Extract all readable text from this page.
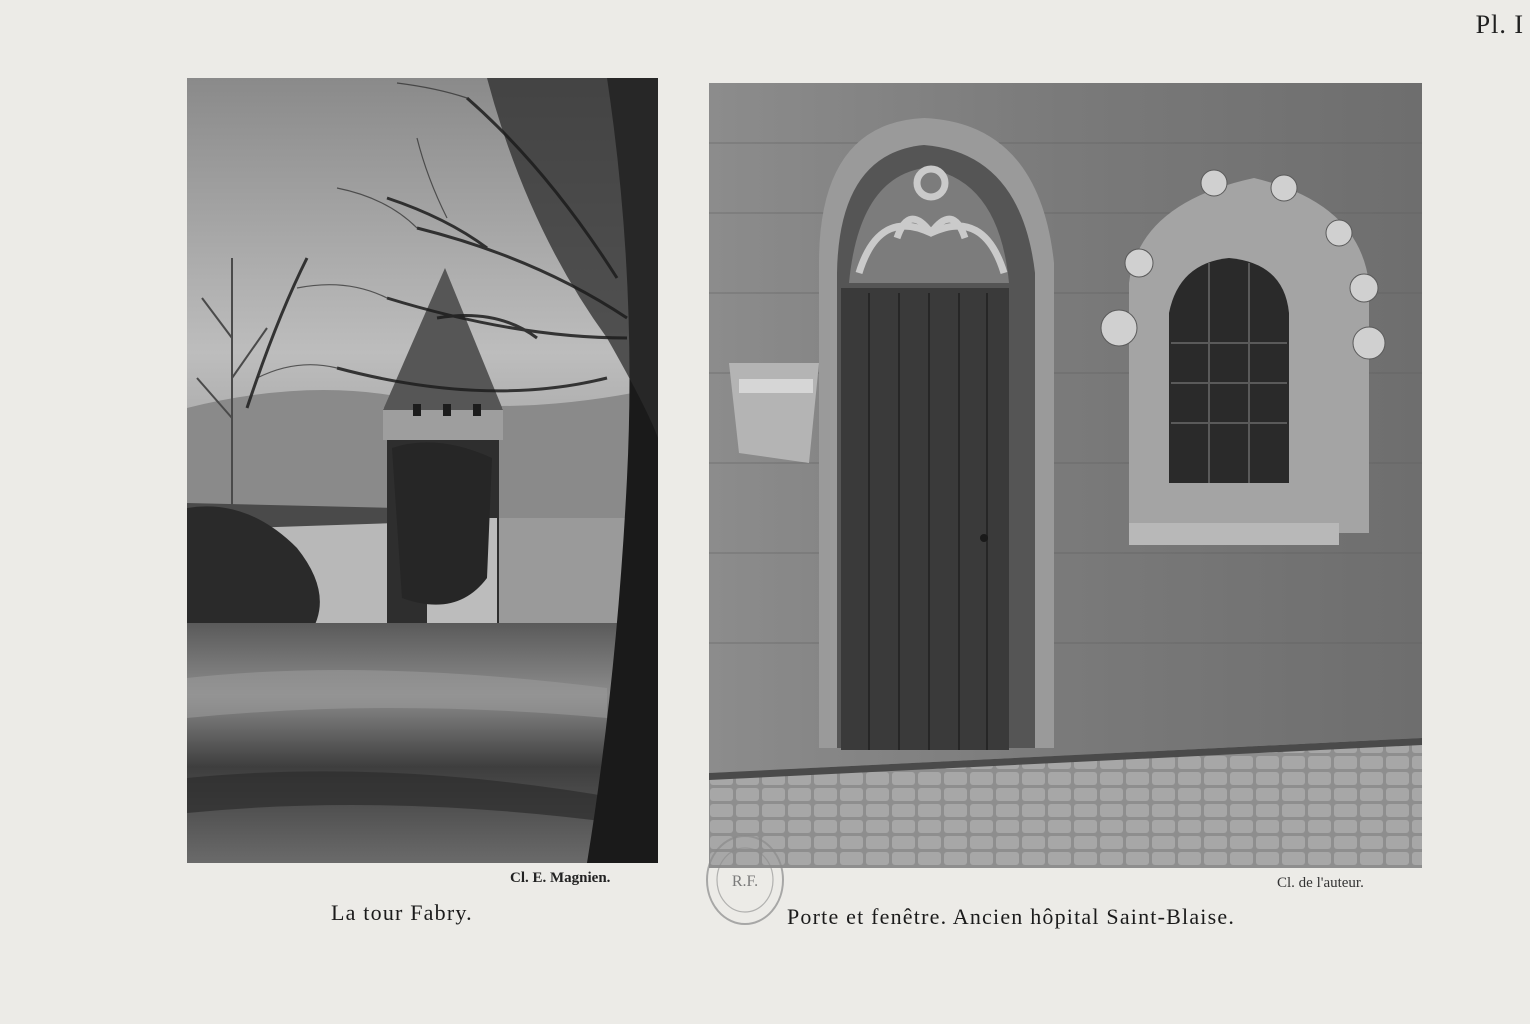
Pl. I
Cl. E. Magnien.	Cl. de l'auteur.
La tour Fabry.	Porte et fenêtre. Ancien hôpital Saint-Blaise.
R.F.
